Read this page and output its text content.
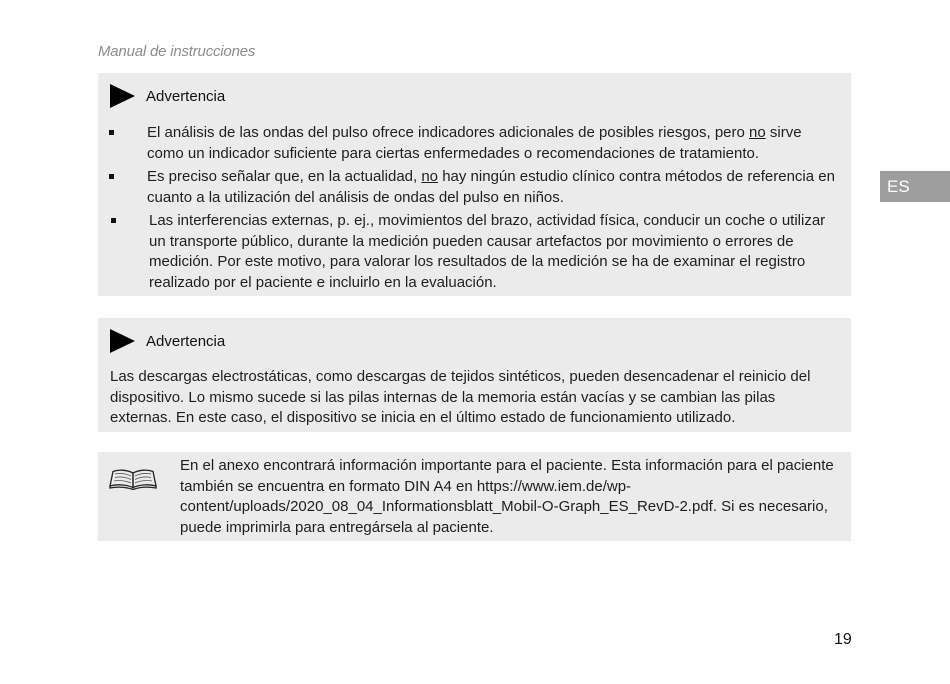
Manual de instrucciones
Advertencia
El análisis de las ondas del pulso ofrece indicadores adicionales de posibles riesgos, pero no sirve como un indicador suficiente para ciertas enfermedades o recomendaciones de tratamiento.
Es preciso señalar que, en la actualidad, no hay ningún estudio clínico contra métodos de referencia en cuanto a la utilización del análisis de ondas del pulso en niños.
Las interferencias externas, p. ej., movimientos del brazo, actividad física, conducir un coche o utilizar un transporte público, durante la medición pueden causar artefactos por movimiento o errores de medición. Por este motivo, para valorar los resultados de la medición se ha de examinar el registro realizado por el paciente e incluirlo en la evaluación.
Advertencia
Las descargas electrostáticas, como descargas de tejidos sintéticos, pueden desencadenar el reinicio del dispositivo. Lo mismo sucede si las pilas internas de la memoria están vacías y se cambian las pilas externas. En este caso, el dispositivo se inicia en el último estado de funcionamiento utilizado.
En el anexo encontrará información importante para el paciente. Esta información para el paciente también se encuentra en formato DIN A4 en https://www.iem.de/wp-content/uploads/2020_08_04_Informationsblatt_Mobil-O-Graph_ES_RevD-2.pdf. Si es necesario, puede imprimirla para entregársela al paciente.
ES
19
